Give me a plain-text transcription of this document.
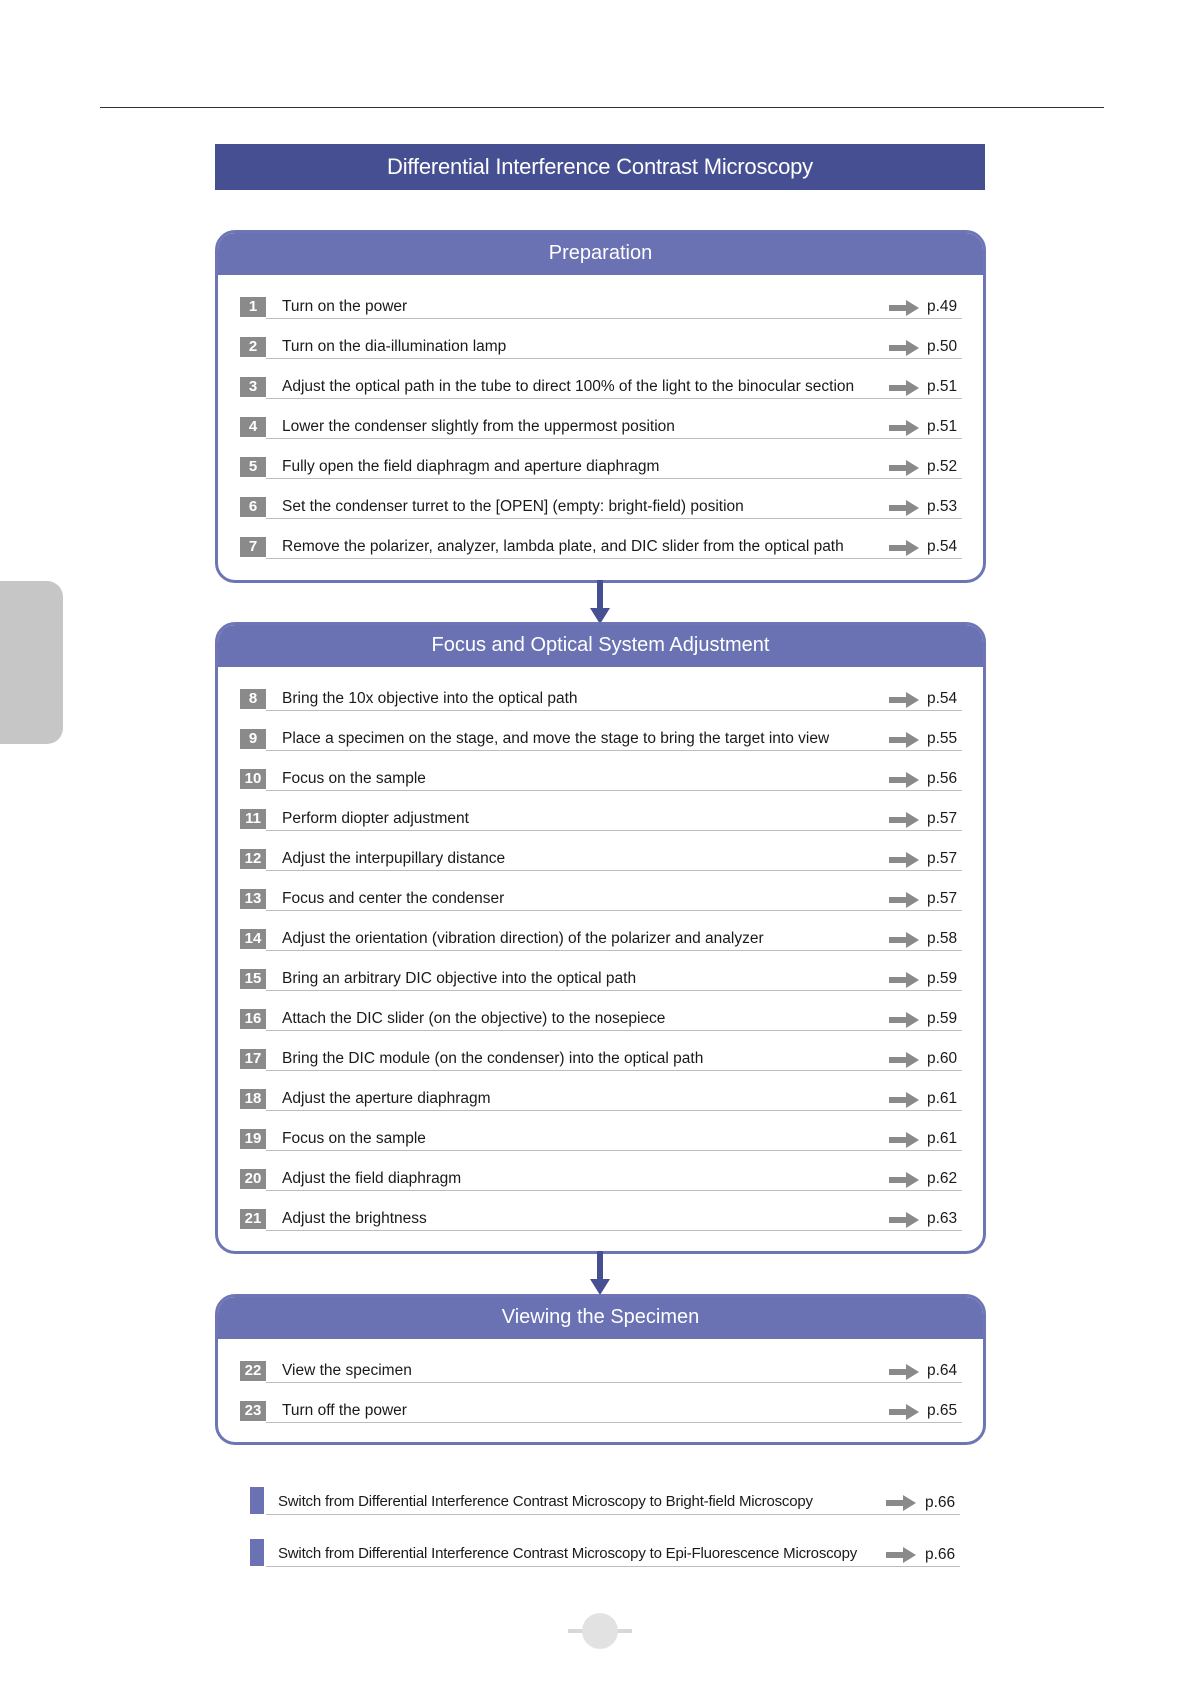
Differential Interference Contrast Microscopy
Preparation
1	Turn on the power	p.49
2	Turn on the dia-illumination lamp	p.50
3	Adjust the optical path in the tube to direct 100% of the light to the binocular section	p.51
4	Lower the condenser slightly from the uppermost position	p.51
5	Fully open the field diaphragm and aperture diaphragm	p.52
6	Set the condenser turret to the [OPEN] (empty: bright-field) position	p.53
7	Remove the polarizer, analyzer, lambda plate, and DIC slider from the optical path	p.54
Focus and Optical System Adjustment
8	Bring the 10x objective into the optical path	p.54
9	Place a specimen on the stage, and move the stage to bring the target into view	p.55
10	Focus on the sample	p.56
11	Perform diopter adjustment	p.57
12	Adjust the interpupillary distance	p.57
13	Focus and center the condenser	p.57
14	Adjust the orientation (vibration direction) of the polarizer and analyzer	p.58
15	Bring an arbitrary DIC objective into the optical path	p.59
16	Attach the DIC slider (on the objective) to the nosepiece	p.59
17	Bring the DIC module (on the condenser) into the optical path	p.60
18	Adjust the aperture diaphragm	p.61
19	Focus on the sample	p.61
20	Adjust the field diaphragm	p.62
21	Adjust the brightness	p.63
Viewing the Specimen
22	View the specimen	p.64
23	Turn off the power	p.65
Switch from Differential Interference Contrast Microscopy to Bright-field Microscopy	p.66
Switch from Differential Interference Contrast Microscopy to Epi-Fluorescence Microscopy	p.66
